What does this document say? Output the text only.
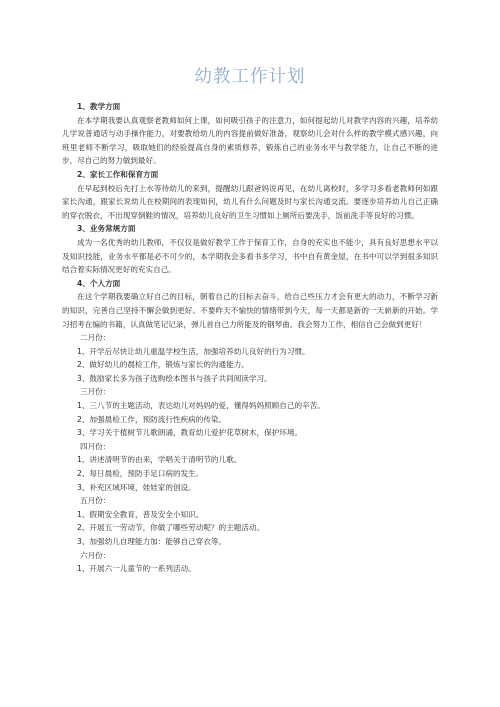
幼教工作计划

1、教学方面

在本学期我要认真观察老教师如何上课，如何吸引孩子的注意力，如何提起幼儿对教学内容的兴趣，培养幼儿学说普通话与动手操作能力，对要教给幼儿的内容提前做好准备，观察幼儿会对什么样的教学模式感兴趣，向班里老师不断学习，吸取她们的经验提高自身的素质修养，锻炼自己的业务水平与教学能力，让自己不断的进步，尽自己的努力做到最好。

2、家长工作和保育方面

在早起到校后先打上水等待幼儿的来到，提醒幼儿跟爸妈说再见，在幼儿离校时，多学习多看老教师何如跟家长沟通，跟家长说幼儿在校期间的表现如何，幼儿有什么问题及时与家长沟通交流。要逐步培养幼儿自己正确的穿衣脱衣，不出现穿倒鞋的情况，培养幼儿良好的卫生习惯如上厕所后要洗手，饭前洗手等良好的习惯。

3、业务常规方面

成为一名优秀的幼儿教师，不仅仅是做好教学工作于保育工作，自身的充实也不能少，具有良好思想水平以及知识技能，业务水平都是必不可少的，本学期我会多看书多学习，书中自有黄金屋，在书中可以学到很多知识结合着实际情况更好的充实自己。

4、个人方面

在这个学期我要确立好自己的目标，朝着自己的目标去奋斗，给自己些压力才会有更大的动力，不断学习新的知识，完善自己坚持不懈会做到更好。不要昨天不愉快的情绪带到今天，每一天都是新的一天崭新的开始。学习招考在编的书籍，认真做笔记记录，弹儿首自己力所能及的钢琴曲。我会努力工作，相信自己会做到更好！

二月份：

1、开学后尽快让幼儿重温学校生活，加强培养幼儿良好的行为习惯。

2、做好幼儿的晨检工作，锻炼与家长的沟通能力。

3、鼓励家长多为孩子选购绘本图书与孩子共同阅读学习。

三月份：

1、三八节的主题活动，表达幼儿对妈妈的爱，懂得妈妈照顾自己的辛苦。

2、加强晨检工作，预防流行性疾病的传染。

3、学习关于植树节儿歌朗诵，教育幼儿爱护花草树木，保护环境。

四月份：

1、讲述清明节的由来，学唱关于清明节的儿歌。

2、每日晨检，预防手足口病的发生。

3、补充区域环境，娃娃家的创设。

五月份：

1、假期安全教育，普及安全小知识。

2、开展五一劳动节，你做了哪些劳动呢？的主题活动。

3、加强幼儿自理能力加：能够自己穿衣等。

六月份：

1、开展六一儿童节的一系列活动。
